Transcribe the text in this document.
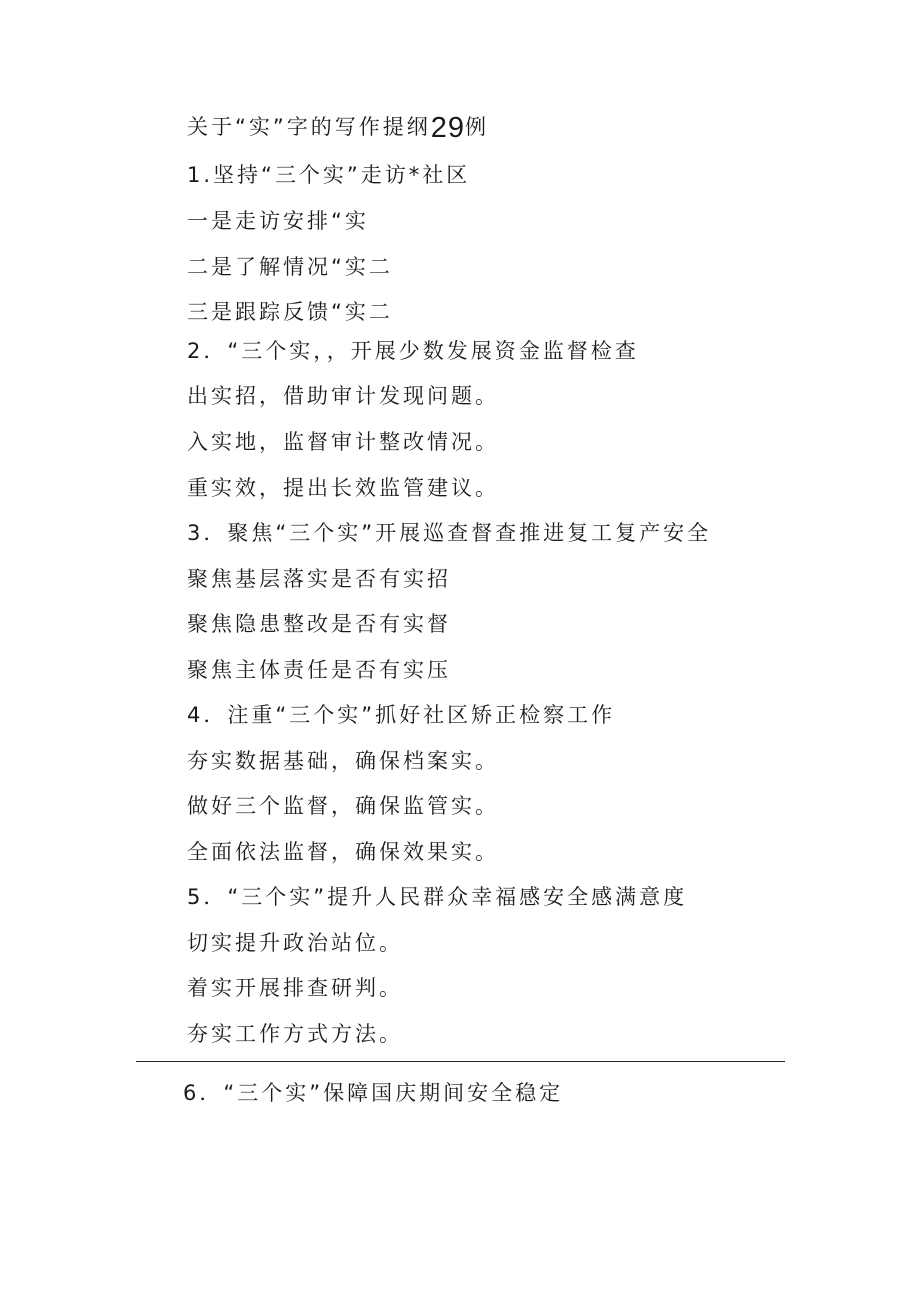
关于“实”字的写作提纲29例
1.坚持“三个实”走访*社区
一是走访安排“实
二是了解情况“实二
三是跟踪反馈“实二
2．“三个实，，开展少数发展资金监督检查
出实招，借助审计发现问题。
入实地，监督审计整改情况。
重实效，提出长效监管建议。
3．聚焦“三个实”开展巡查督查推进复工复产安全
聚焦基层落实是否有实招
聚焦隐患整改是否有实督
聚焦主体责任是否有实压
4．注重“三个实”抓好社区矫正检察工作
夯实数据基础，确保档案实。
做好三个监督，确保监管实。
全面依法监督，确保效果实。
5．“三个实”提升人民群众幸福感安全感满意度
切实提升政治站位。
着实开展排查研判。
夯实工作方式方法。
6．“三个实”保障国庆期间安全稳定
